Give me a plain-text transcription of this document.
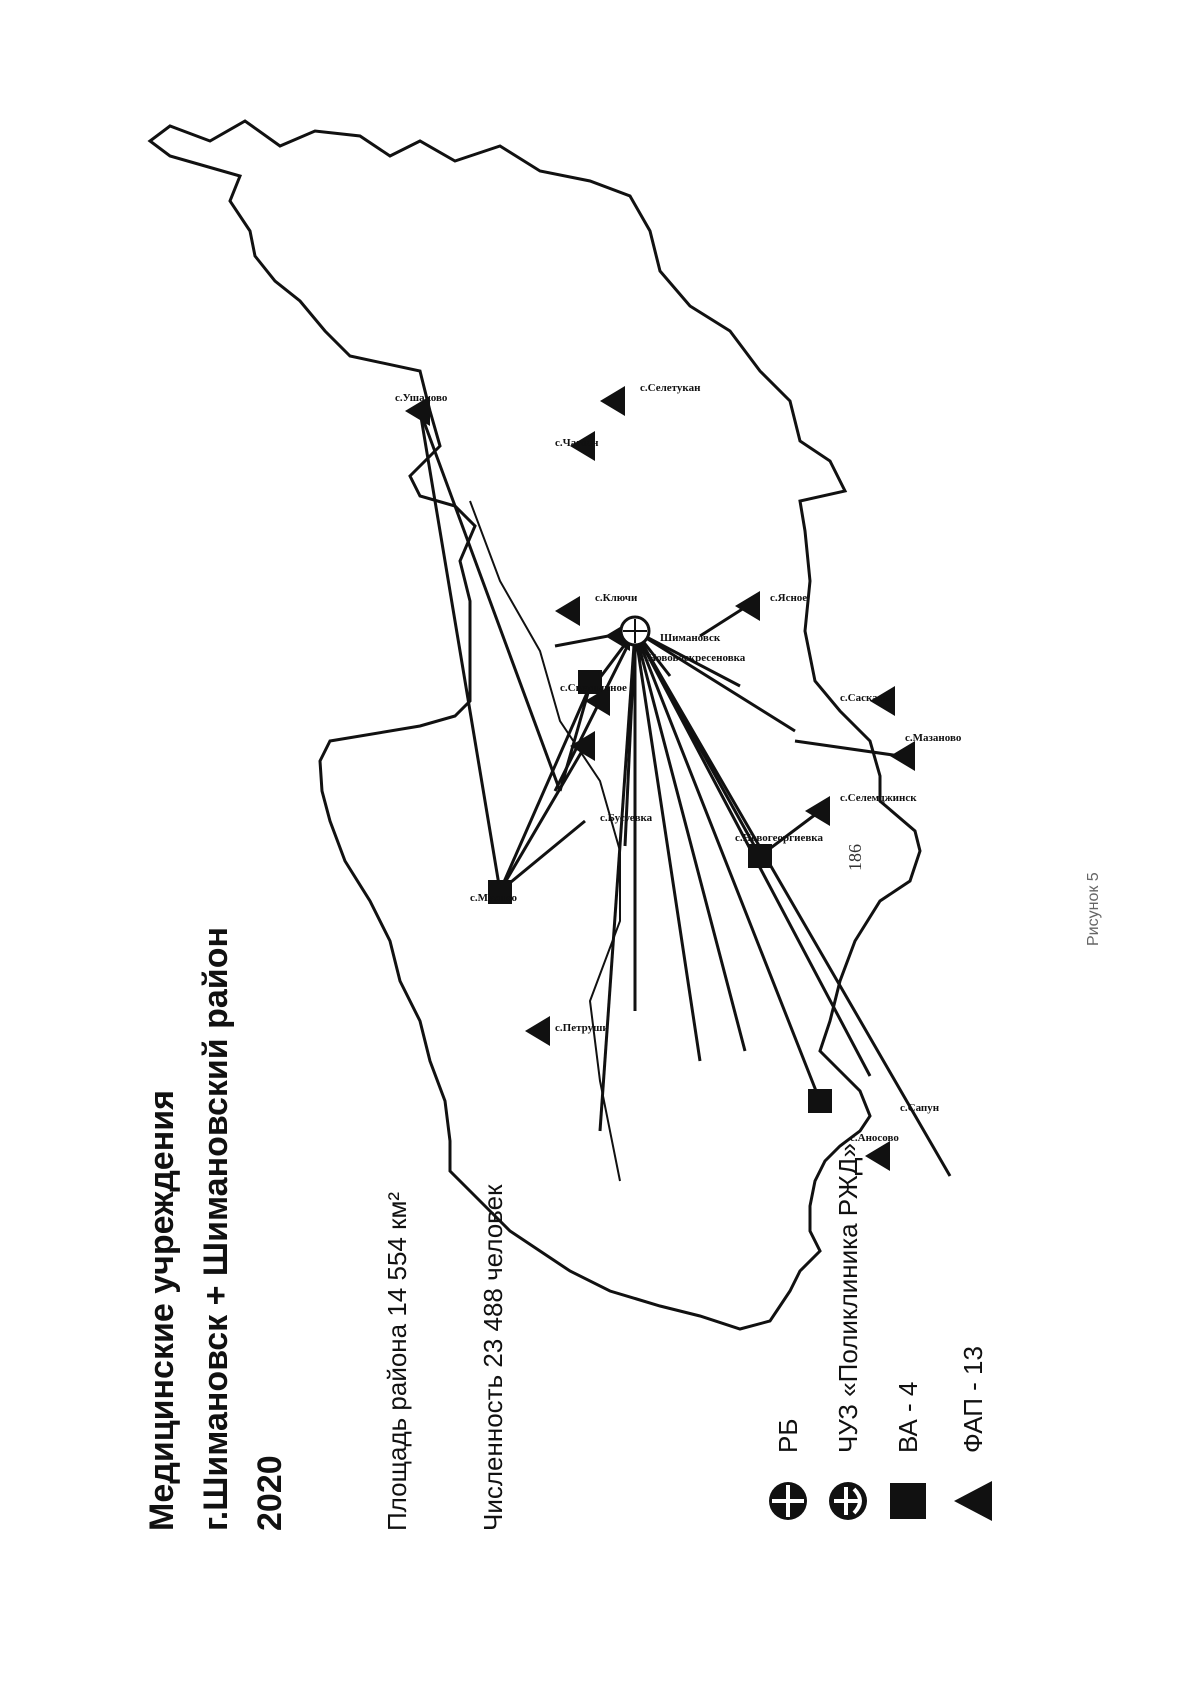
Медицинские учреждения
г.Шимановск + Шимановский район
2020	Площадь района 14 554 км²	Численность 23 488 человек	РБ ЧУЗ «Поликлиника РЖД» ВА - 4 ФАП - 13
186
Рисунок 5
с.Ушаково
с.Чагоян
с.Селетукан
с.Ключи
с.Нововоскресеновка
с.Аносово
с.Мухино
с.Новогеоргиевка
с.Саскаль
с.Сапун
с.Светильное
с.Мазаново
с.Селемджинск
с.Петруши
с.Ясное
с.Бусуевка
Шимановск
